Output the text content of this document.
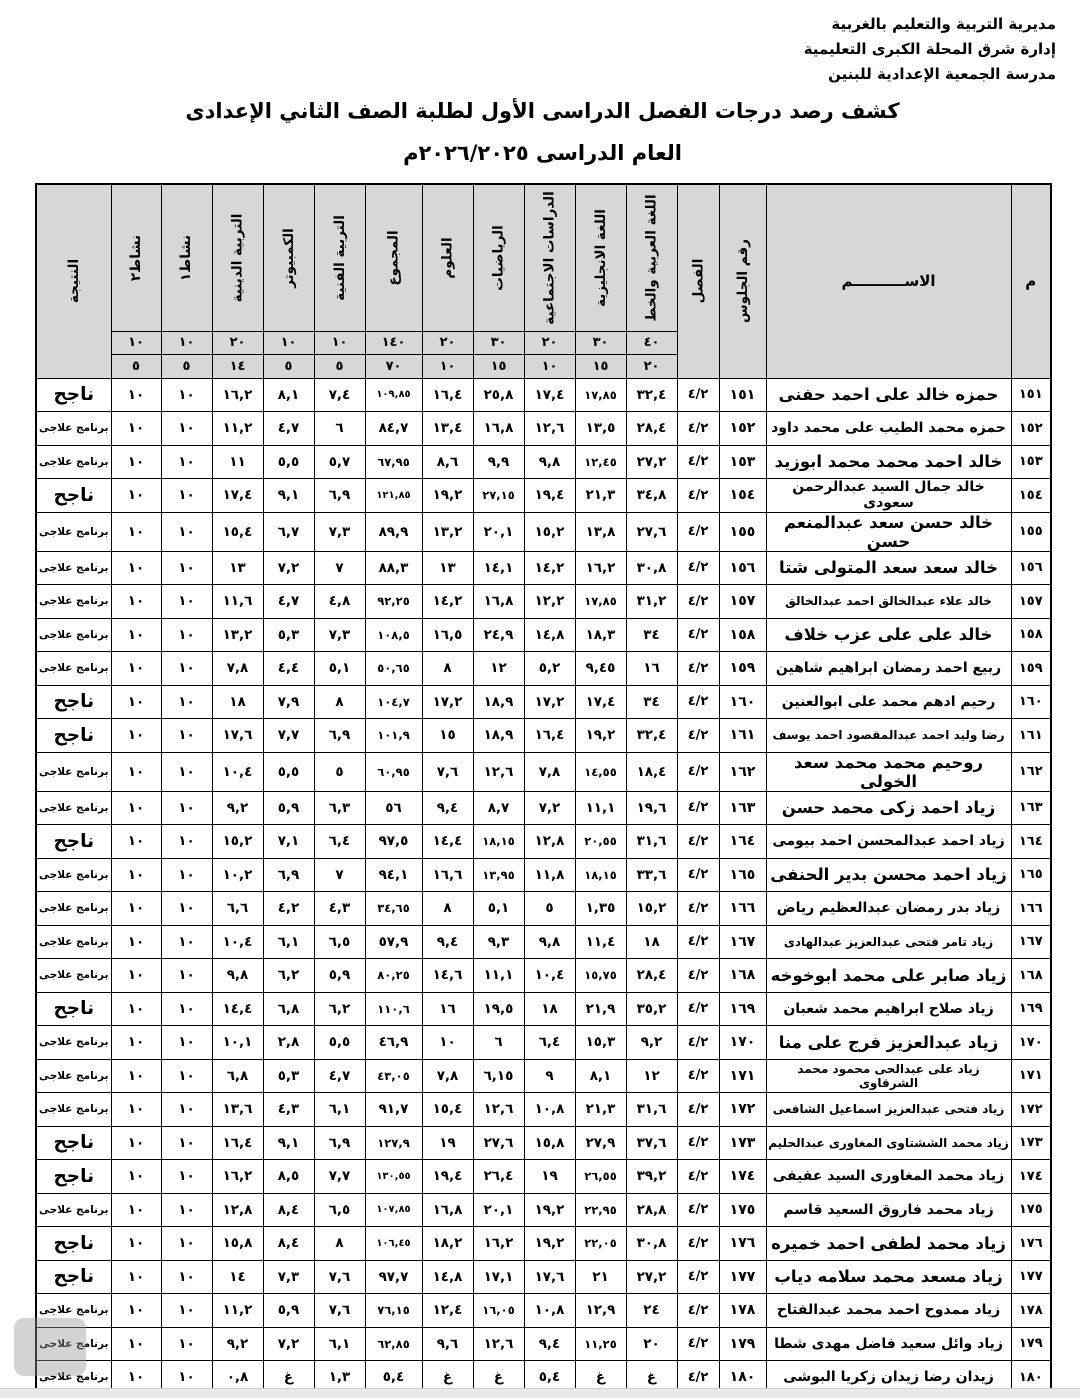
مديرية التربية والتعليم بالغربية
إدارة شرق المحلة الكبرى التعليمية
مدرسة الجمعية الإعدادية للبنين
كشف رصد درجات الفصل الدراسى الأول لطلبة الصف الثاني الإعدادى
العام الدراسى ٢٠٢٦/٢٠٢٥م
م	الاســــــــــم	رقم الجلوس	الفصل	اللغة العربية والخط	اللغة الانجليزية	الدراسات الاجتماعية	الرياضيات	العلوم	المجموع	التربية الفنية	الكمبيوتر	التربية الدينية	نشاط١	نشاط٢	النتيجة

				٤٠	٣٠	٢٠	٣٠	٢٠	١٤٠	١٠	١٠	٢٠	١٠	١٠	
				٢٠	١٥	١٠	١٥	١٠	٧٠	٥	٥	١٤	٥	٥	
١٥١	حمزه خالد على احمد حفنى	١٥١	٤/٢	٣٢,٤	١٧,٨٥	١٧,٤	٢٥,٨	١٦,٤	١٠٩,٨٥	٧,٤	٨,١	١٦,٢	١٠	١٠	ناجح
١٥٢	حمزه محمد الطيب على محمد داود	١٥٢	٤/٢	٢٨,٤	١٣,٥	١٢,٦	١٦,٨	١٣,٤	٨٤,٧	٦	٤,٧	١١,٢	١٠	١٠	برنامج علاجى
١٥٣	خالد احمد محمد محمد ابوزيد	١٥٣	٤/٢	٢٧,٢	١٢,٤٥	٩,٨	٩,٩	٨,٦	٦٧,٩٥	٥,٧	٥,٥	١١	١٠	١٠	برنامج علاجى
١٥٤	خالد جمال السيد عبدالرحمن سعودى	١٥٤	٤/٢	٣٤,٨	٢١,٣	١٩,٤	٢٧,١٥	١٩,٢	١٢١,٨٥	٦,٩	٩,١	١٧,٤	١٠	١٠	ناجح
١٥٥	خالد حسن سعد عبدالمنعم حسن	١٥٥	٤/٢	٢٧,٦	١٣,٨	١٥,٢	٢٠,١	١٣,٢	٨٩,٩	٧,٣	٦,٧	١٥,٤	١٠	١٠	برنامج علاجى
١٥٦	خالد سعد سعد المتولى شتا	١٥٦	٤/٢	٣٠,٨	١٦,٢	١٤,٢	١٤,١	١٣	٨٨,٣	٧	٧,٢	١٣	١٠	١٠	برنامج علاجى
١٥٧	خالد علاء عبدالخالق احمد عبدالخالق	١٥٧	٤/٢	٣١,٢	١٧,٨٥	١٢,٢	١٦,٨	١٤,٢	٩٢,٢٥	٤,٨	٤,٧	١١,٦	١٠	١٠	برنامج علاجى
١٥٨	خالد على على عزب خلاف	١٥٨	٤/٢	٣٤	١٨,٣	١٤,٨	٢٤,٩	١٦,٥	١٠٨,٥	٧,٣	٥,٣	١٣,٢	١٠	١٠	برنامج علاجى
١٥٩	ربيع احمد رمضان ابراهيم شاهين	١٥٩	٤/٢	١٦	٩,٤٥	٥,٢	١٢	٨	٥٠,٦٥	٥,١	٤,٤	٧,٨	١٠	١٠	برنامج علاجى
١٦٠	رحيم ادهم محمد على ابوالعنين	١٦٠	٤/٢	٣٤	١٧,٤	١٧,٢	١٨,٩	١٧,٢	١٠٤,٧	٨	٧,٩	١٨	١٠	١٠	ناجح
١٦١	رضا وليد احمد عبدالمقصود احمد يوسف	١٦١	٤/٢	٣٢,٤	١٩,٢	١٦,٤	١٨,٩	١٥	١٠١,٩	٦,٩	٧,٧	١٧,٦	١٠	١٠	ناجح
١٦٢	روحيم محمد محمد سعد الخولى	١٦٢	٤/٢	١٨,٤	١٤,٥٥	٧,٨	١٢,٦	٧,٦	٦٠,٩٥	٥	٥,٥	١٠,٤	١٠	١٠	برنامج علاجى
١٦٣	زياد احمد زكى محمد حسن	١٦٣	٤/٢	١٩,٦	١١,١	٧,٢	٨,٧	٩,٤	٥٦	٦,٣	٥,٩	٩,٢	١٠	١٠	برنامج علاجى
١٦٤	زياد احمد عبدالمحسن احمد بيومى	١٦٤	٤/٢	٣١,٦	٢٠,٥٥	١٢,٨	١٨,١٥	١٤,٤	٩٧,٥	٦,٤	٧,١	١٥,٢	١٠	١٠	ناجح
١٦٥	زياد احمد محسن بدير الحنفى	١٦٥	٤/٢	٣٣,٦	١٨,١٥	١١,٨	١٣,٩٥	١٦,٦	٩٤,١	٧	٦,٩	١٠,٢	١٠	١٠	برنامج علاجى
١٦٦	زياد بدر رمضان عبدالعظيم رياض	١٦٦	٤/٢	١٥,٢	١,٣٥	٥	٥,١	٨	٣٤,٦٥	٤,٣	٤,٢	٦,٦	١٠	١٠	برنامج علاجى
١٦٧	زياد تامر فتحى عبدالعزيز عبدالهادى	١٦٧	٤/٢	١٨	١١,٤	٩,٨	٩,٣	٩,٤	٥٧,٩	٦,٥	٦,١	١٠,٤	١٠	١٠	برنامج علاجى
١٦٨	زياد صابر على محمد ابوخوخه	١٦٨	٤/٢	٢٨,٤	١٥,٧٥	١٠,٤	١١,١	١٤,٦	٨٠,٢٥	٥,٩	٦,٢	٩,٨	١٠	١٠	برنامج علاجى
١٦٩	زياد صلاح ابراهيم محمد شعبان	١٦٩	٤/٢	٣٥,٢	٢١,٩	١٨	١٩,٥	١٦	١١٠,٦	٦,٢	٦,٨	١٤,٤	١٠	١٠	ناجح
١٧٠	زياد عبدالعزيز فرج على منا	١٧٠	٤/٢	٩,٢	١٥,٣	٦,٤	٦	١٠	٤٦,٩	٥,٥	٢,٨	١٠,١	١٠	١٠	برنامج علاجى
١٧١	زياد على عبدالحى محمود محمد الشرقاوى	١٧١	٤/٢	١٢	٨,١	٩	٦,١٥	٧,٨	٤٣,٠٥	٤,٧	٥,٣	٦,٨	١٠	١٠	برنامج علاجى
١٧٢	زياد فتحى عبدالعزيز اسماعيل الشافعى	١٧٢	٤/٢	٣١,٦	٢١,٣	١٠,٨	١٢,٦	١٥,٤	٩١,٧	٦,١	٤,٣	١٣,٦	١٠	١٠	برنامج علاجى
١٧٣	زياد محمد الششتاوى المغاورى عبدالحليم	١٧٣	٤/٢	٣٧,٦	٢٧,٩	١٥,٨	٢٧,٦	١٩	١٢٧,٩	٦,٩	٩,١	١٦,٤	١٠	١٠	ناجح
١٧٤	زياد محمد المغاورى السيد عفيفى	١٧٤	٤/٢	٣٩,٢	٢٦,٥٥	١٩	٢٦,٤	١٩,٤	١٣٠,٥٥	٧,٧	٨,٥	١٦,٢	١٠	١٠	ناجح
١٧٥	زياد محمد فاروق السعيد قاسم	١٧٥	٤/٢	٢٨,٨	٢٢,٩٥	١٩,٢	٢٠,١	١٦,٨	١٠٧,٨٥	٦,٥	٨,٤	١٢,٨	١٠	١٠	برنامج علاجى
١٧٦	زياد محمد لطفى احمد خميره	١٧٦	٤/٢	٣٠,٨	٢٢,٠٥	١٩,٢	١٦,٢	١٨,٢	١٠٦,٤٥	٨	٨,٤	١٥,٨	١٠	١٠	ناجح
١٧٧	زياد مسعد محمد سلامه دياب	١٧٧	٤/٢	٢٧,٢	٢١	١٧,٦	١٧,١	١٤,٨	٩٧,٧	٧,٦	٧,٣	١٤	١٠	١٠	ناجح
١٧٨	زياد ممدوح احمد محمد عبدالفتاح	١٧٨	٤/٢	٢٤	١٢,٩	١٠,٨	١٦,٠٥	١٢,٤	٧٦,١٥	٧,٦	٥,٩	١١,٢	١٠	١٠	برنامج علاجى
١٧٩	زياد وائل سعيد فاضل مهدى شطا	١٧٩	٤/٢	٢٠	١١,٢٥	٩,٤	١٢,٦	٩,٦	٦٢,٨٥	٦,١	٧,٢	٩,٢	١٠	١٠	برنامج علاجى
١٨٠	زيدان رضا زيدان زكريا البوشى	١٨٠	٤/٢	غ	غ	٥,٤	غ	غ	٥,٤	١,٣	غ	٠,٨	١٠	١٠	برنامج علاجى
